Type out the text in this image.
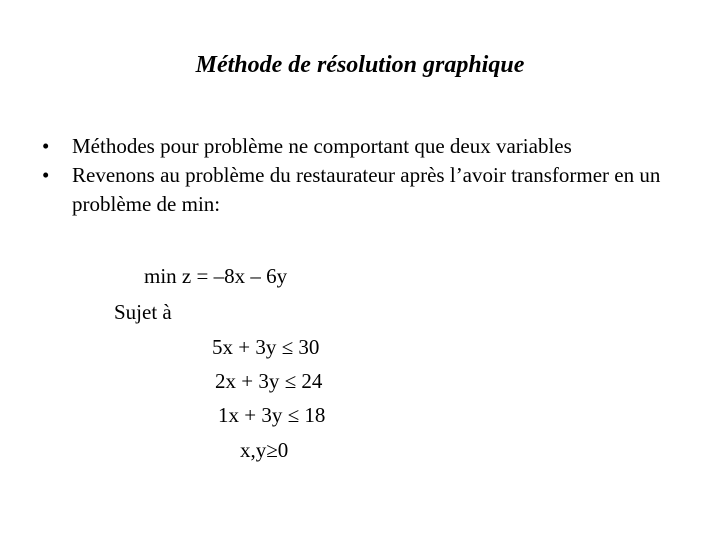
Méthode de résolution graphique

• Méthodes pour problème ne comportant que deux variables

• Revenons au problème du restaurateur après l’avoir transformer en un problème de min:

min z = –8x – 6y
Sujet à
5x + 3y ≤ 30
2x + 3y ≤ 24
1x + 3y ≤ 18
x,y≥0
